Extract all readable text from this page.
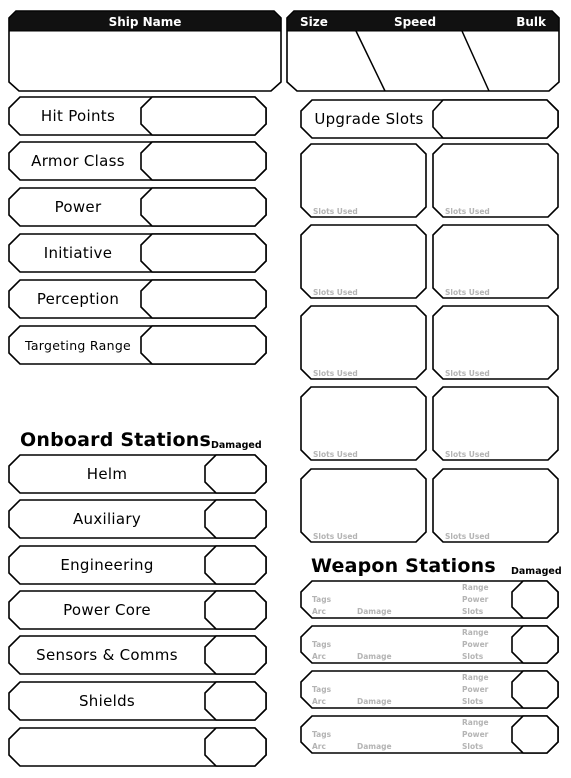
Ship Name	Size	Speed	Bulk
Hit Points
Armor Class
Power
Initiative
Perception
Targeting Range
Onboard Stations Damaged
Helm
Auxiliary
Engineering
Power Core
Sensors & Comms
Shields
Upgrade Slots
Slots Used	Slots Used
Slots Used	Slots Used
Slots Used	Slots Used
Slots Used	Slots Used
Slots Used	Slots Used
Weapon Stations Damaged
Range
Power
Slots
Tags
Arc	Damage
Range
Power
Slots
Tags
Arc	Damage
Range
Power
Slots
Tags
Arc	Damage
Range
Power
Slots
Tags
Arc	Damage
